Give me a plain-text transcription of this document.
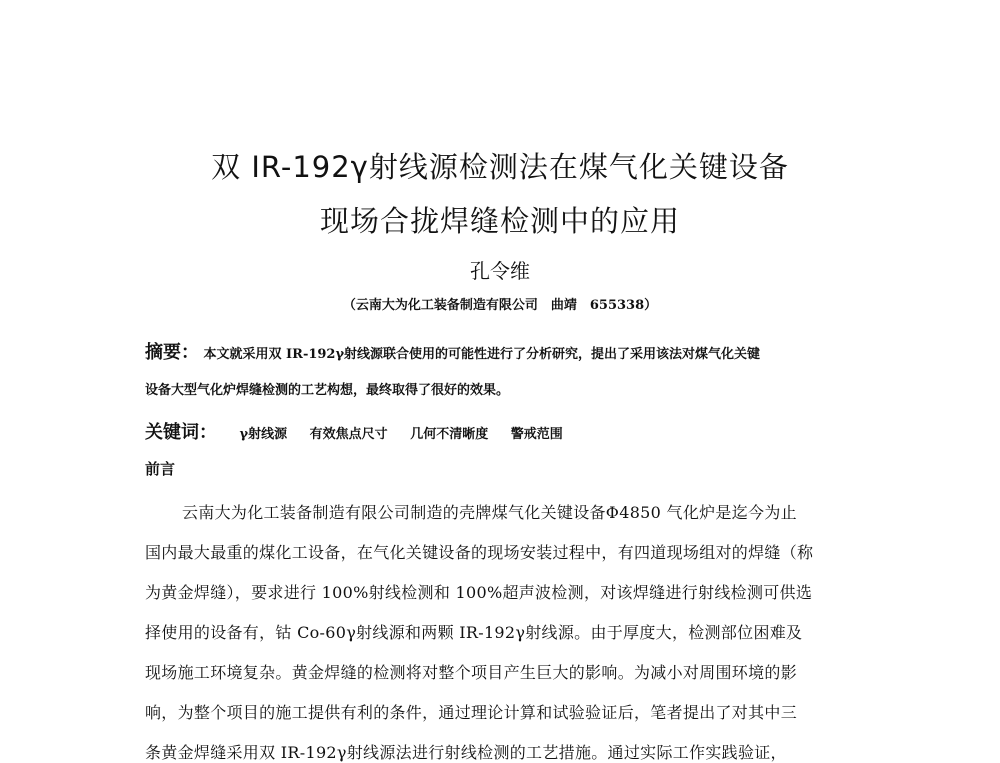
双 IR-192γ射线源检测法在煤气化关键设备
现场合拢焊缝检测中的应用
孔令维
（云南大为化工装备制造有限公司　曲靖　655338）
摘要： 本文就采用双 IR-192γ射线源联合使用的可能性进行了分析研究，提出了采用该法对煤气化关键
设备大型气化炉焊缝检测的工艺构想，最终取得了很好的效果。
关键词： γ射线源 有效焦点尺寸 几何不清晰度 警戒范围
前言
云南大为化工装备制造有限公司制造的壳牌煤气化关键设备Φ4850 气化炉是迄今为止
国内最大最重的煤化工设备，在气化关键设备的现场安装过程中，有四道现场组对的焊缝（称
为黄金焊缝），要求进行 100%射线检测和 100%超声波检测，对该焊缝进行射线检测可供选
择使用的设备有，钴 Co-60γ射线源和两颗 IR-192γ射线源。由于厚度大，检测部位困难及
现场施工环境复杂。黄金焊缝的检测将对整个项目产生巨大的影响。为减小对周围环境的影
响，为整个项目的施工提供有利的条件，通过理论计算和试验验证后，笔者提出了对其中三
条黄金焊缝采用双 IR-192γ射线源法进行射线检测的工艺措施。通过实际工作实践验证，
